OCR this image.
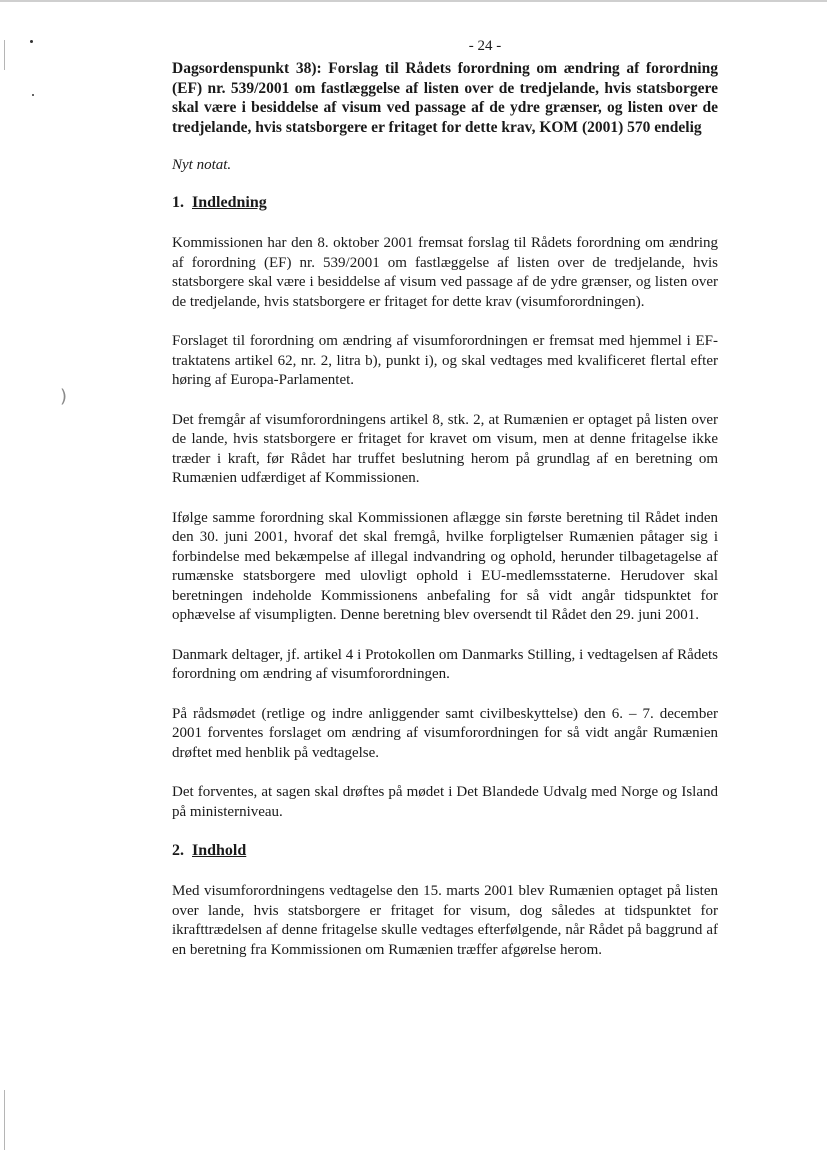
)

- 24 -

Dagsordenspunkt 38): Forslag til Rådets forordning om ændring af forordning (EF) nr. 539/2001 om fastlæggelse af listen over de tredjelande, hvis statsborgere skal være i besiddelse af visum ved passage af de ydre grænser, og listen over de tredjelande, hvis statsborgere er fritaget for dette krav, KOM (2001) 570 endelig

Nyt notat.

1. Indledning

Kommissionen har den 8. oktober 2001 fremsat forslag til Rådets forordning om ændring af forordning (EF) nr. 539/2001 om fastlæggelse af listen over de tredjelande, hvis statsborgere skal være i besiddelse af visum ved passage af de ydre grænser, og listen over de tredjelande, hvis statsborgere er fritaget for dette krav (visumforordningen).

Forslaget til forordning om ændring af visumforordningen er fremsat med hjemmel i EF-traktatens artikel 62, nr. 2, litra b), punkt i), og skal vedtages med kvalificeret flertal efter høring af Europa-Parlamentet.

Det fremgår af visumforordningens artikel 8, stk. 2, at Rumænien er optaget på listen over de lande, hvis statsborgere er fritaget for kravet om visum, men at denne fritagelse ikke træder i kraft, før Rådet har truffet beslutning herom på grundlag af en beretning om Rumænien udfærdiget af Kommissionen.

Ifølge samme forordning skal Kommissionen aflægge sin første beretning til Rådet inden den 30. juni 2001, hvoraf det skal fremgå, hvilke forpligtelser Rumænien påtager sig i forbindelse med bekæmpelse af illegal indvandring og ophold, herunder tilbagetagelse af rumænske statsborgere med ulovligt ophold i EU-medlemsstaterne. Herudover skal beretningen indeholde Kommissionens anbefaling for så vidt angår tidspunktet for ophævelse af visumpligten. Denne beretning blev oversendt til Rådet den 29. juni 2001.

Danmark deltager, jf. artikel 4 i Protokollen om Danmarks Stilling, i vedtagelsen af Rådets forordning om ændring af visumforordningen.

På rådsmødet (retlige og indre anliggender samt civilbeskyttelse) den 6. – 7. december 2001 forventes forslaget om ændring af visumforordningen for så vidt angår Rumænien drøftet med henblik på vedtagelse.

Det forventes, at sagen skal drøftes på mødet i Det Blandede Udvalg med Norge og Island på ministerniveau.

2. Indhold

Med visumforordningens vedtagelse den 15. marts 2001 blev Rumænien optaget på listen over lande, hvis statsborgere er fritaget for visum, dog således at tidspunktet for ikrafttrædelsen af denne fritagelse skulle vedtages efterfølgende, når Rådet på baggrund af en beretning fra Kommissionen om Rumænien træffer afgørelse herom.
